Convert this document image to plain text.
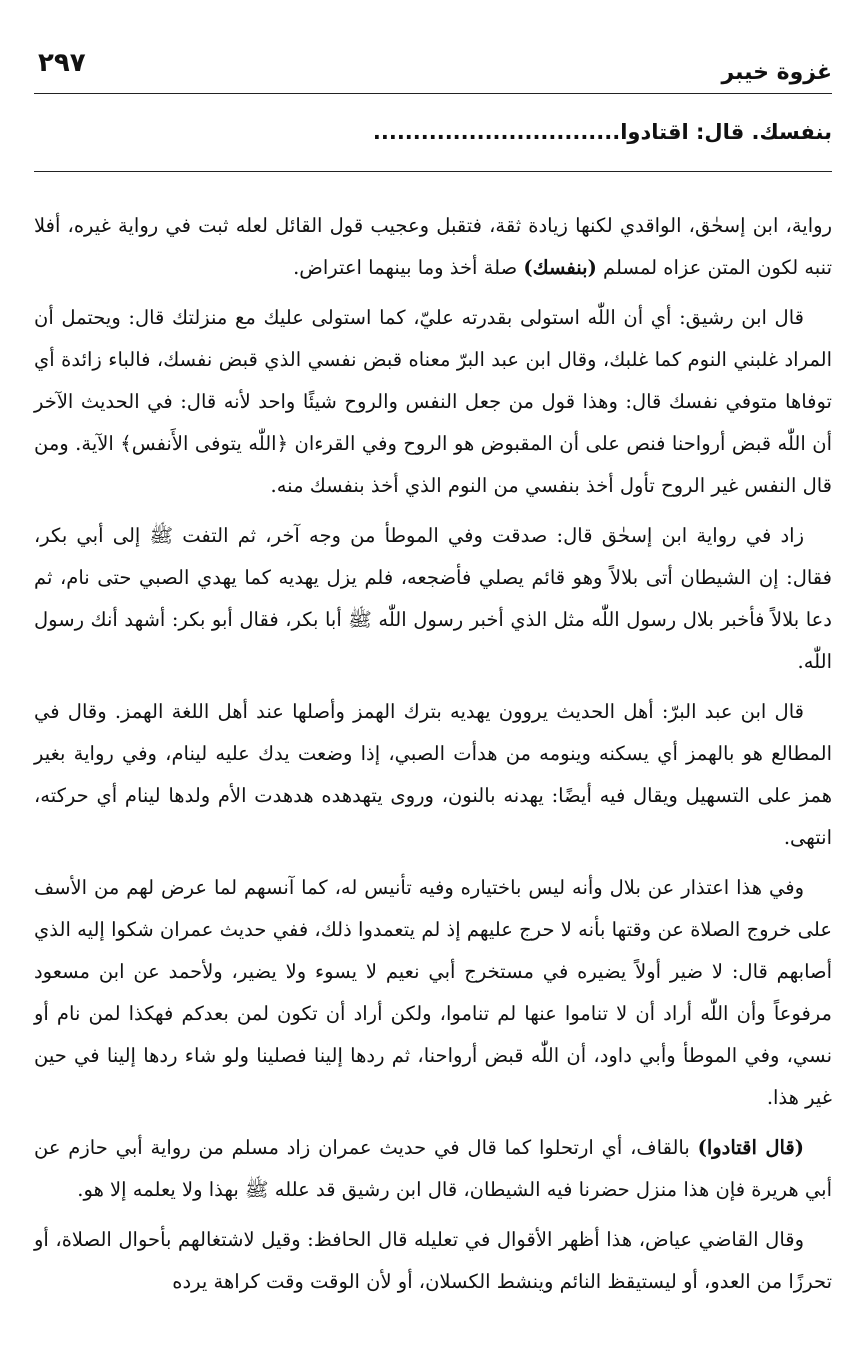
غزوة خيبر
٢٩٧
بنفسك. قال: اقتادوا...............................

رواية، ابن إسحٰق، الواقدي لكنها زيادة ثقة، فتقبل وعجيب قول القائل لعله ثبت في رواية غيره، أفلا تنبه لكون المتن عزاه لمسلم (بنفسك) صلة أخذ وما بينهما اعتراض.

قال ابن رشيق: أي أن اللّٰه استولى بقدرته عليّ، كما استولى عليك مع منزلتك قال: ويحتمل أن المراد غلبني النوم كما غلبك، وقال ابن عبد البرّ معناه قبض نفسي الذي قبض نفسك، فالباء زائدة أي توفاها متوفي نفسك قال: وهذا قول من جعل النفس والروح شيئًا واحد لأنه قال: في الحديث الآخر أن اللّٰه قبض أرواحنا فنص على أن المقبوض هو الروح وفي القرءان ﴿اللّٰه يتوفى الأَنفس﴾ الآية. ومن قال النفس غير الروح تأول أخذ بنفسي من النوم الذي أخذ بنفسك منه.

زاد في رواية ابن إسحٰق قال: صدقت وفي الموطأ من وجه آخر، ثم التفت ﷺ إلى أبي بكر، فقال: إن الشيطان أتى بلالاً وهو قائم يصلي فأضجعه، فلم يزل يهديه كما يهدي الصبي حتى نام، ثم دعا بلالاً فأخبر بلال رسول اللّٰه مثل الذي أخبر رسول اللّٰه ﷺ أبا بكر، فقال أبو بكر: أشهد أنك رسول اللّٰه.

قال ابن عبد البرّ: أهل الحديث يروون يهديه بترك الهمز وأصلها عند أهل اللغة الهمز. وقال في المطالع هو بالهمز أي يسكنه وينومه من هدأت الصبي، إذا وضعت يدك عليه لينام، وفي رواية بغير همز على التسهيل ويقال فيه أيضًا: يهدنه بالنون، وروى يتهدهده هدهدت الأم ولدها لينام أي حركته، انتهى.

وفي هذا اعتذار عن بلال وأنه ليس باختياره وفيه تأنيس له، كما آنسهم لما عرض لهم من الأسف على خروج الصلاة عن وقتها بأنه لا حرج عليهم إذ لم يتعمدوا ذلك، ففي حديث عمران شكوا إليه الذي أصابهم قال: لا ضير أولاً يضيره في مستخرج أبي نعيم لا يسوء ولا يضير، ولأحمد عن ابن مسعود مرفوعاً وأن اللّٰه أراد أن لا تناموا عنها لم تناموا، ولكن أراد أن تكون لمن بعدكم فهكذا لمن نام أو نسي، وفي الموطأ وأبي داود، أن اللّٰه قبض أرواحنا، ثم ردها إلينا فصلينا ولو شاء ردها إلينا في حين غير هذا.

(قال اقتادوا) بالقاف، أي ارتحلوا كما قال في حديث عمران زاد مسلم من رواية أبي حازم عن أبي هريرة فإن هذا منزل حضرنا فيه الشيطان، قال ابن رشيق قد علله ﷺ بهذا ولا يعلمه إلا هو.

وقال القاضي عياض، هذا أظهر الأقوال في تعليله قال الحافظ: وقيل لاشتغالهم بأحوال الصلاة، أو تحرزًا من العدو، أو ليستيقظ النائم وينشط الكسلان، أو لأن الوقت وقت كراهة يرده
